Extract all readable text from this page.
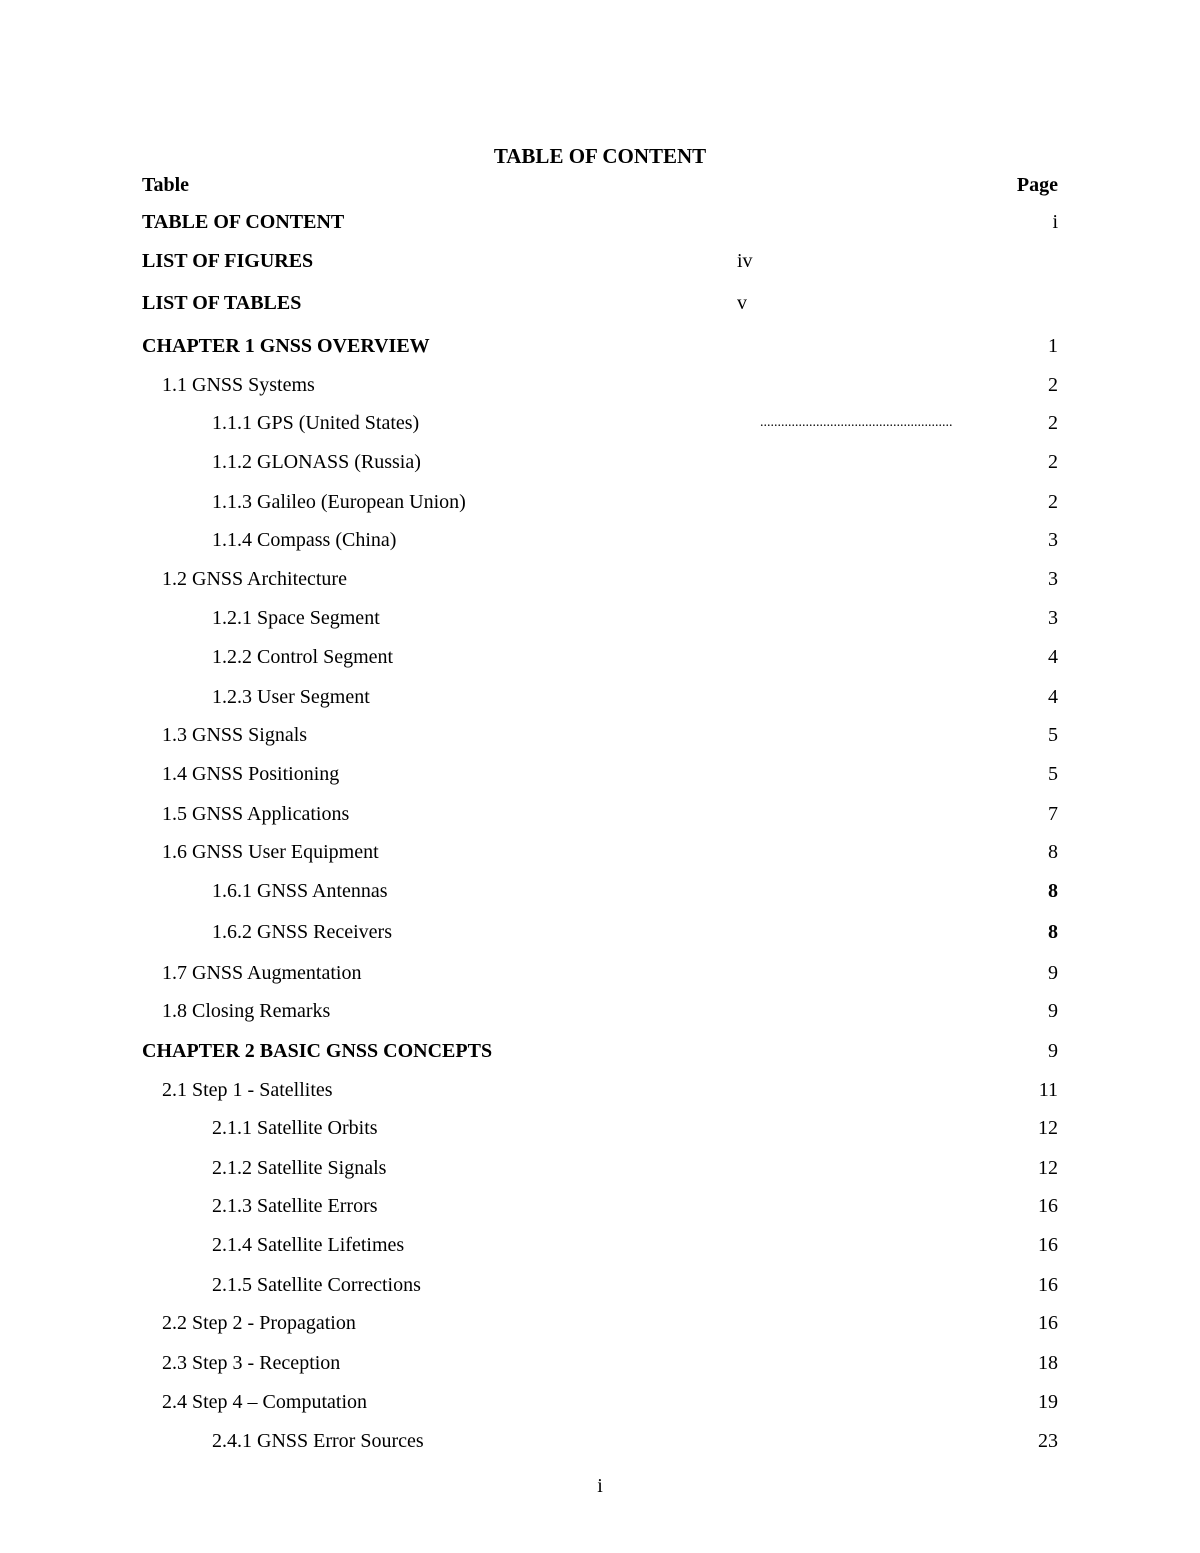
TABLE OF CONTENT
Table	Page
TABLE OF CONTENT	i
LIST OF FIGURES	iv
LIST OF TABLES	v
CHAPTER 1 GNSS OVERVIEW	1
1.1 GNSS Systems	2
1.1.1 GPS (United States)	.......................................................	2
1.1.2 GLONASS (Russia)	2
1.1.3 Galileo (European Union)	2
1.1.4 Compass (China)	3
1.2 GNSS Architecture	3
1.2.1 Space Segment	3
1.2.2 Control Segment	4
1.2.3 User Segment	4
1.3 GNSS Signals	5
1.4 GNSS Positioning	5
1.5 GNSS Applications	7
1.6 GNSS User Equipment	8
1.6.1 GNSS Antennas	8
1.6.2 GNSS Receivers	8
1.7 GNSS Augmentation	9
1.8 Closing Remarks	9
CHAPTER 2 BASIC GNSS CONCEPTS	9
2.1 Step 1 - Satellites	11
2.1.1 Satellite Orbits	12
2.1.2 Satellite Signals	12
2.1.3 Satellite Errors	16
2.1.4 Satellite Lifetimes	16
2.1.5 Satellite Corrections	16
2.2 Step 2 - Propagation	16
2.3 Step 3 - Reception	18
2.4 Step 4 – Computation	19
2.4.1 GNSS Error Sources	23
i
